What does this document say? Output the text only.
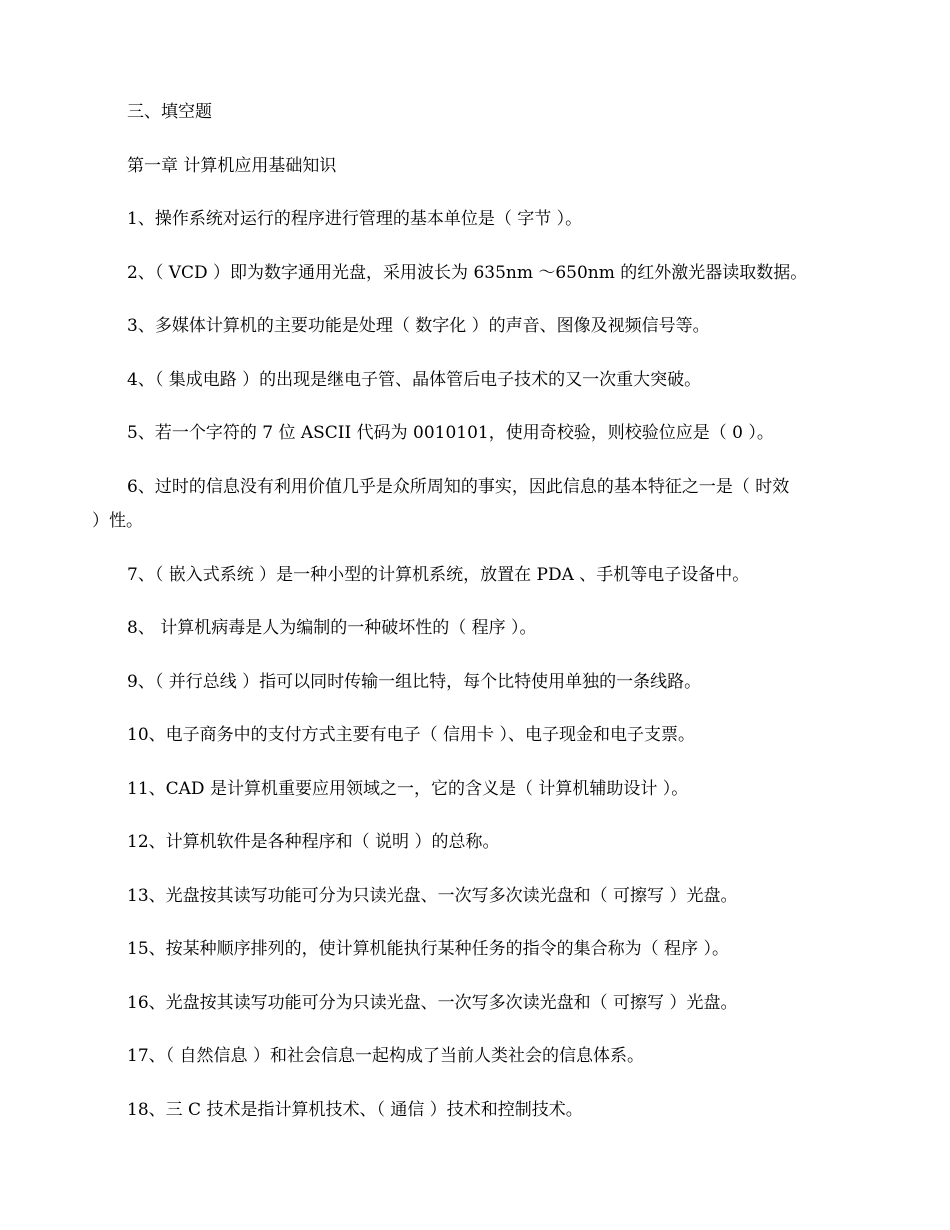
三、填空题
第一章 计算机应用基础知识
1、操作系统对运行的程序进行管理的基本单位是（ 字节 ）。
2、（ VCD ）即为数字通用光盘，采用波长为 635nm ～650nm 的红外激光器读取数据。
3、多媒体计算机的主要功能是处理（ 数字化 ）的声音、图像及视频信号等。
4、（ 集成电路 ）的出现是继电子管、晶体管后电子技术的又一次重大突破。
5、若一个字符的 7 位 ASCII 代码为 0010101，使用奇校验，则校验位应是（ 0 ）。
6、过时的信息没有利用价值几乎是众所周知的事实，因此信息的基本特征之一是（ 时效
）性。
7、（ 嵌入式系统 ）是一种小型的计算机系统，放置在 PDA 、手机等电子设备中。
8、 计算机病毒是人为编制的一种破坏性的（ 程序 ）。
9、（ 并行总线 ）指可以同时传输一组比特，每个比特使用单独的一条线路。
10、电子商务中的支付方式主要有电子（ 信用卡 ）、电子现金和电子支票。
11、CAD 是计算机重要应用领域之一，它的含义是（ 计算机辅助设计 ）。
12、计算机软件是各种程序和（ 说明 ）的总称。
13、光盘按其读写功能可分为只读光盘、一次写多次读光盘和（ 可擦写 ）光盘。
15、按某种顺序排列的，使计算机能执行某种任务的指令的集合称为（ 程序 ）。
16、光盘按其读写功能可分为只读光盘、一次写多次读光盘和（ 可擦写 ）光盘。
17、（ 自然信息 ）和社会信息一起构成了当前人类社会的信息体系。
18、三 C 技术是指计算机技术、（ 通信 ）技术和控制技术。
